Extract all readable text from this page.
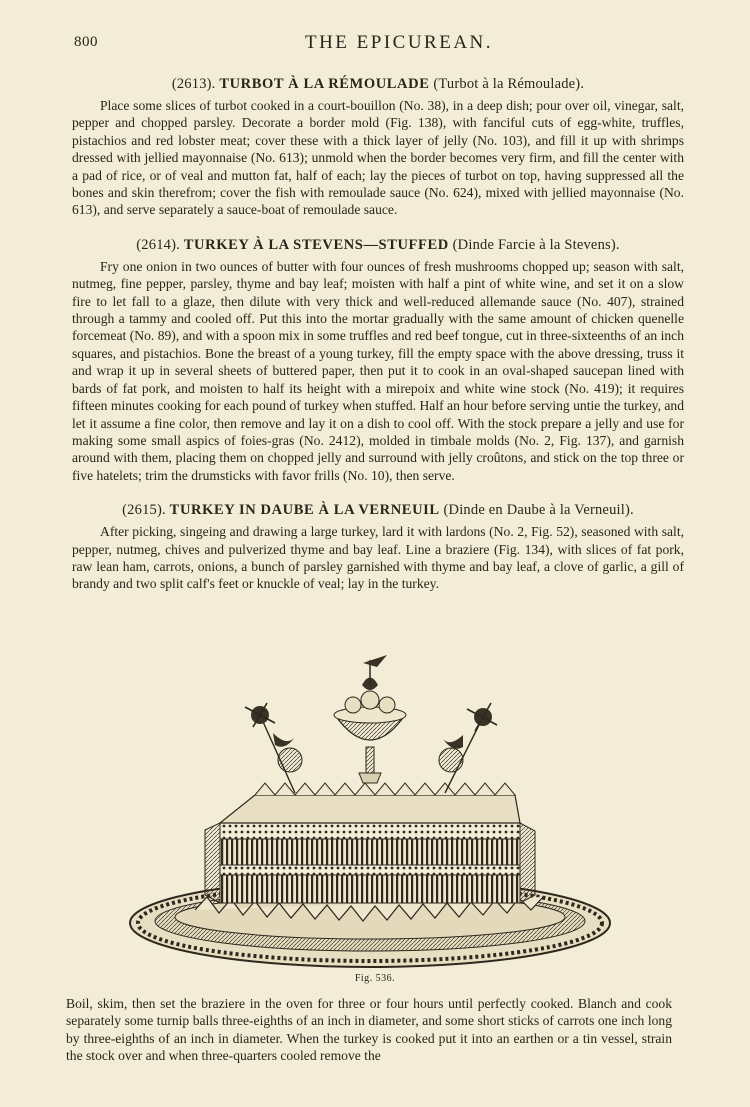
800	THE EPICUREAN.
(2613). TURBOT À LA RÉMOULADE (Turbot à la Rémoulade).

Place some slices of turbot cooked in a court-bouillon (No. 38), in a deep dish; pour over oil, vinegar, salt, pepper and chopped parsley. Decorate a border mold (Fig. 138), with fanciful cuts of egg-white, truffles, pistachios and red lobster meat; cover these with a thick layer of jelly (No. 103), and fill it up with shrimps dressed with jellied mayonnaise (No. 613); unmold when the border becomes very firm, and fill the center with a pad of rice, or of veal and mutton fat, half of each; lay the pieces of turbot on top, having suppressed all the bones and skin therefrom; cover the fish with remoulade sauce (No. 624), mixed with jellied mayonnaise (No. 613), and serve separately a sauce-boat of remoulade sauce.

(2614). TURKEY À LA STEVENS—STUFFED (Dinde Farcie à la Stevens).

Fry one onion in two ounces of butter with four ounces of fresh mushrooms chopped up; season with salt, nutmeg, fine pepper, parsley, thyme and bay leaf; moisten with half a pint of white wine, and set it on a slow fire to let fall to a glaze, then dilute with very thick and well-reduced allemande sauce (No. 407), strained through a tammy and cooled off. Put this into the mortar gradually with the same amount of chicken quenelle forcemeat (No. 89), and with a spoon mix in some truffles and red beef tongue, cut in three-sixteenths of an inch squares, and pistachios. Bone the breast of a young turkey, fill the empty space with the above dressing, truss it and wrap it up in several sheets of buttered paper, then put it to cook in an oval-shaped saucepan lined with bards of fat pork, and moisten to half its height with a mirepoix and white wine stock (No. 419); it requires fifteen minutes cooking for each pound of turkey when stuffed. Half an hour before serving untie the turkey, and let it assume a fine color, then remove and lay it on a dish to cool off. With the stock prepare a jelly and use for making some small aspics of foies-gras (No. 2412), molded in timbale molds (No. 2, Fig. 137), and garnish around with them, placing them on chopped jelly and surround with jelly croûtons, and stick on the top three or five hatelets; trim the drumsticks with favor frills (No. 10), then serve.

(2615). TURKEY IN DAUBE À LA VERNEUIL (Dinde en Daube à la Verneuil).

After picking, singeing and drawing a large turkey, lard it with lardons (No. 2, Fig. 52), seasoned with salt, pepper, nutmeg, chives and pulverized thyme and bay leaf. Line a braziere (Fig. 134), with slices of fat pork, raw lean ham, carrots, onions, a bunch of parsley garnished with thyme and bay leaf, a clove of garlic, a gill of brandy and two split calf's feet or knuckle of veal; lay in the turkey.

Fig. 536.

Boil, skim, then set the braziere in the oven for three or four hours until perfectly cooked. Blanch and cook separately some turnip balls three-eighths of an inch in diameter, and some short sticks of carrots one inch long by three-eighths of an inch in diameter. When the turkey is cooked put it into an earthen or a tin vessel, strain the stock over and when three-quarters cooled remove the
